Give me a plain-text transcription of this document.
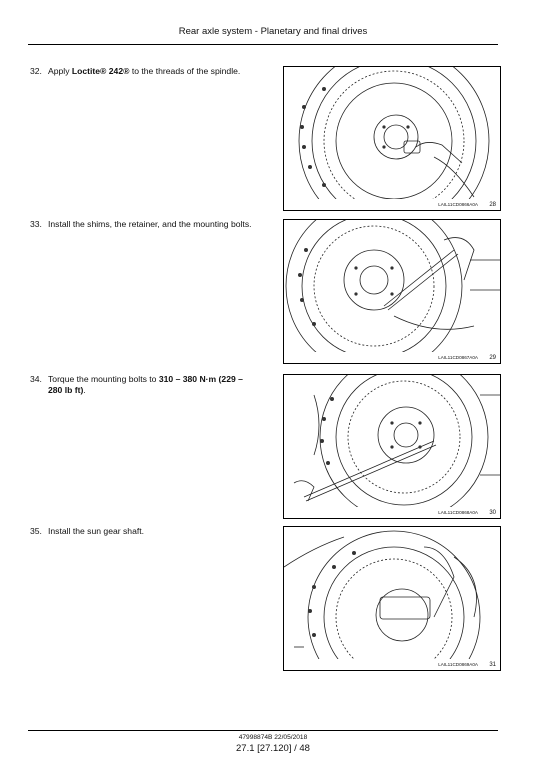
Rear axle system - Planetary and final drives
32. Apply Loctite® 242® to the threads of the spindle.
LAIL11CD0866A0A 28
33. Install the shims, the retainer, and the mounting bolts.
LAIL11CD0867A0A 29
34. Torque the mounting bolts to 310 – 380 N·m (229 –
280 lb ft).
LAIL11CD0868A0A 30
35. Install the sun gear shaft.
LAIL11CD0869A0A 31
47998874B 22/05/2018
27.1 [27.120] / 48
